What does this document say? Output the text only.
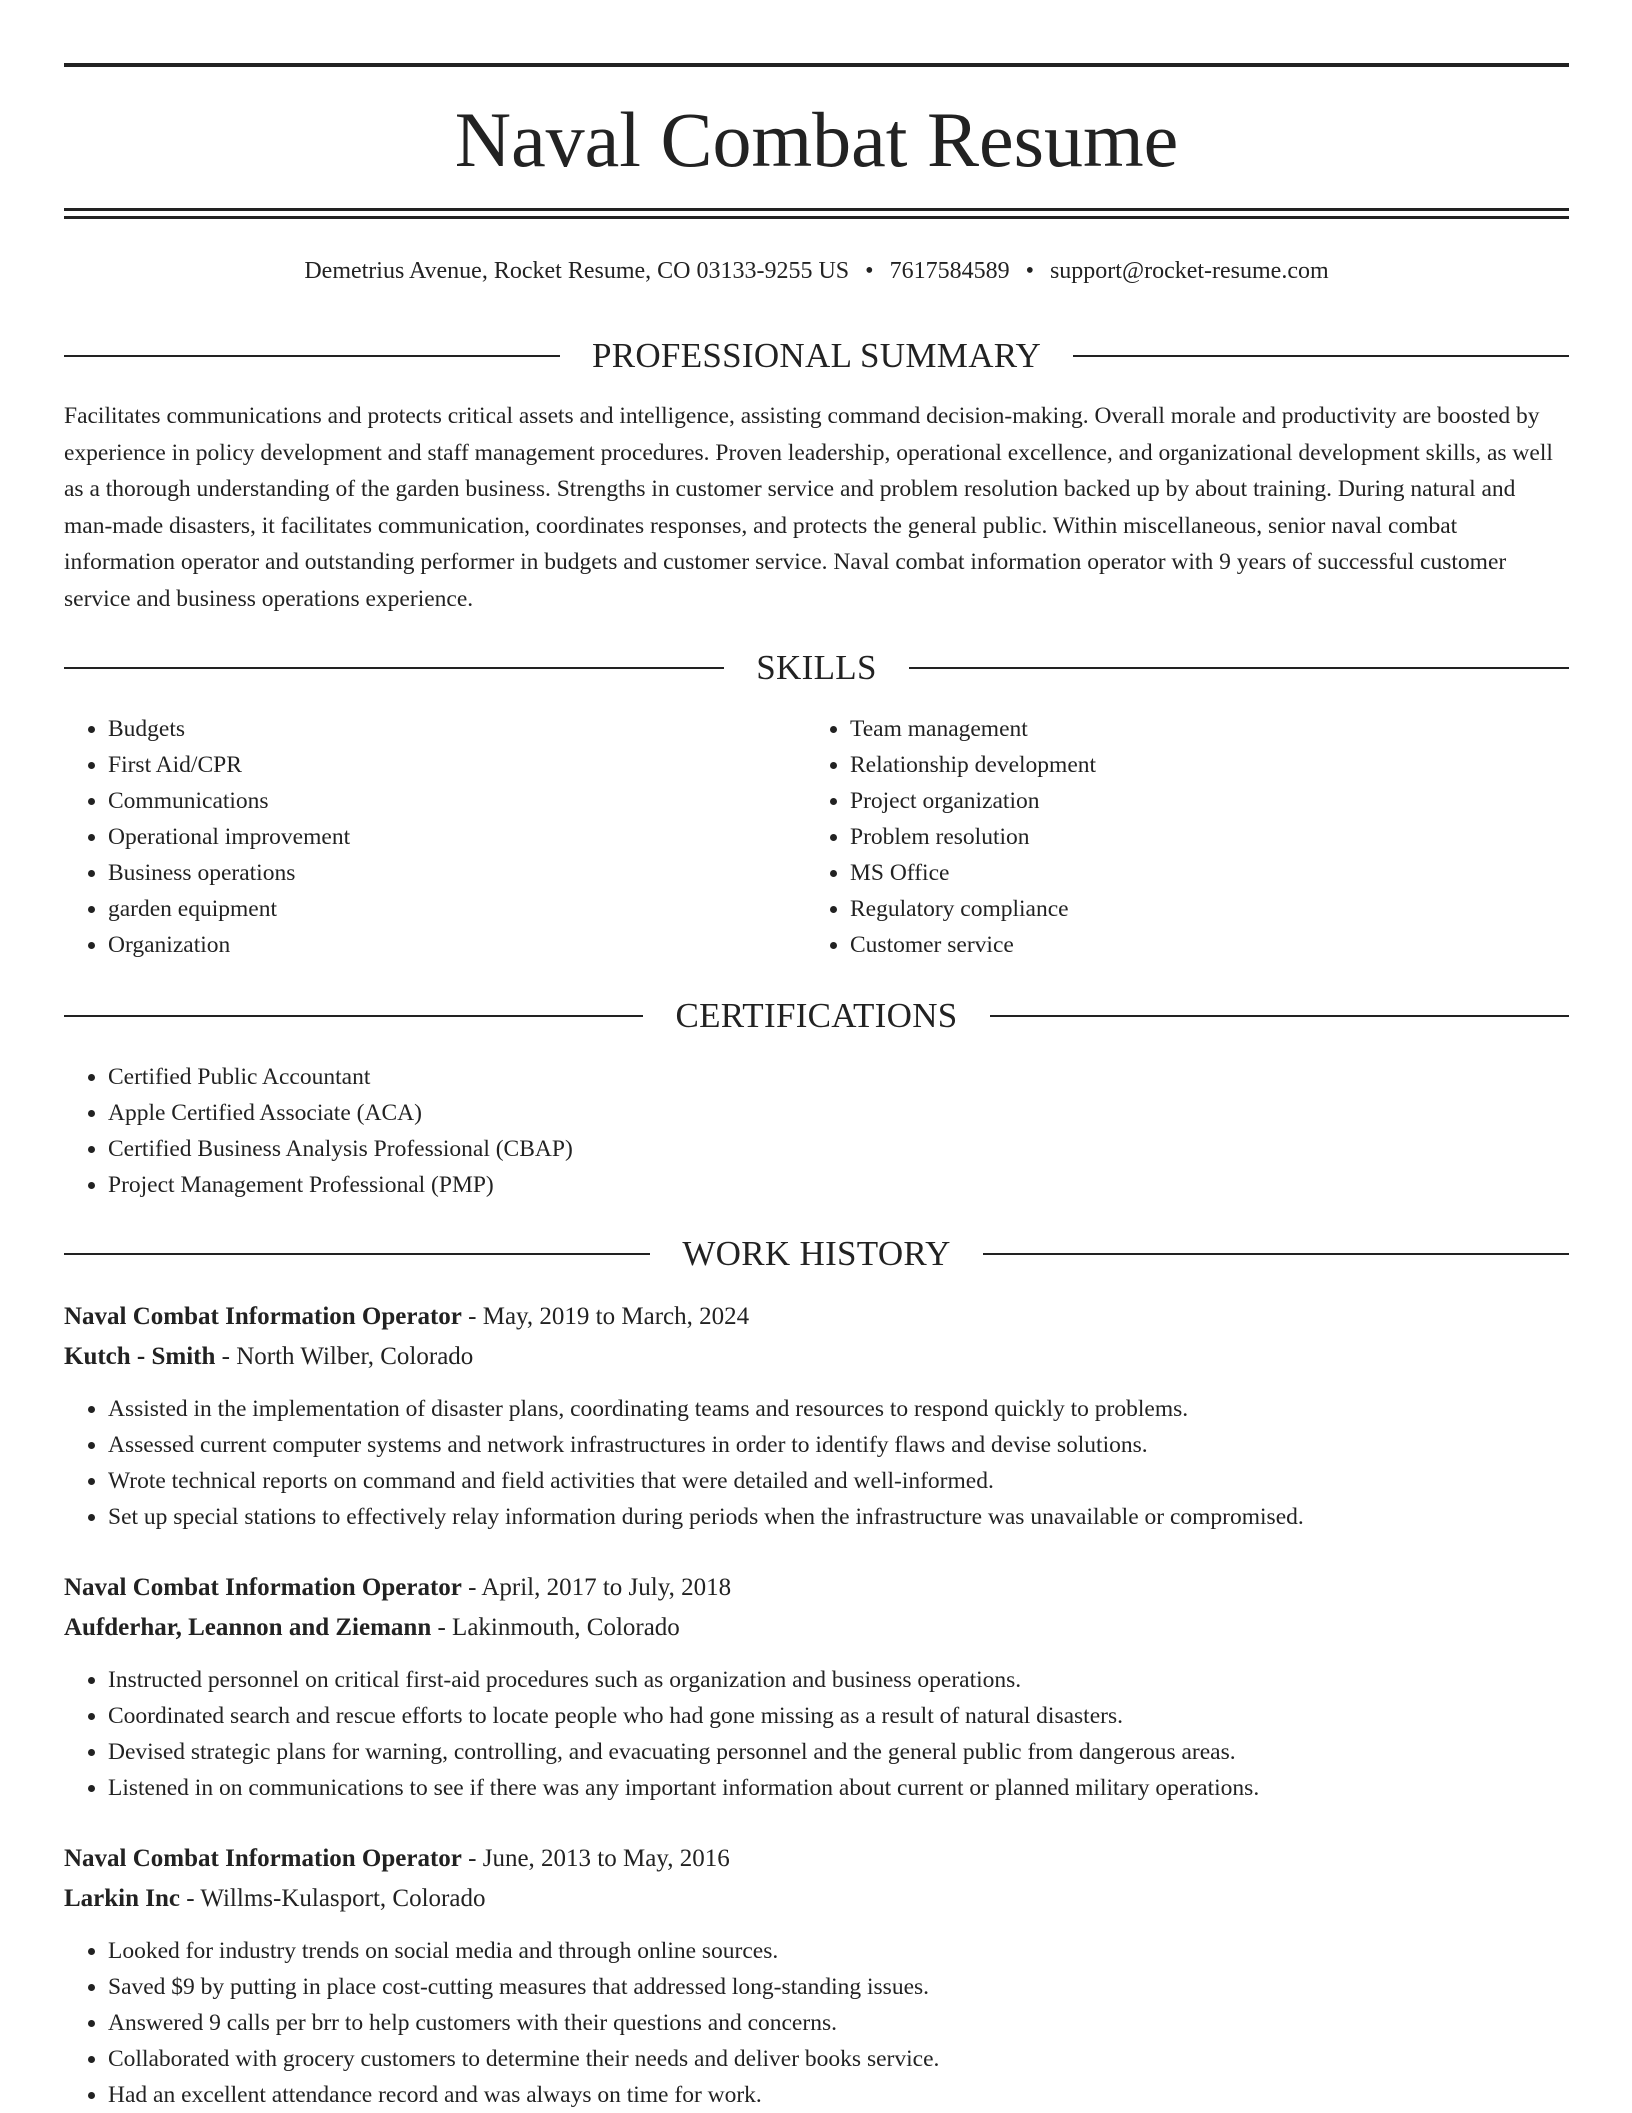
Naval Combat Resume
Demetrius Avenue, Rocket Resume, CO 03133-9255 US • 7617584589 • support@rocket-resume.com
PROFESSIONAL SUMMARY

Facilitates communications and protects critical assets and intelligence, assisting command decision-making. Overall morale and productivity are boosted by experience in policy development and staff management procedures. Proven leadership, operational excellence, and organizational development skills, as well as a thorough understanding of the garden business. Strengths in customer service and problem resolution backed up by about training. During natural and man-made disasters, it facilitates communication, coordinates responses, and protects the general public. Within miscellaneous, senior naval combat information operator and outstanding performer in budgets and customer service. Naval combat information operator with 9 years of successful customer service and business operations experience.

SKILLS
• Budgets
• First Aid/CPR
• Communications
• Operational improvement
• Business operations
• garden equipment
• Organization
• Team management
• Relationship development
• Project organization
• Problem resolution
• MS Office
• Regulatory compliance
• Customer service
CERTIFICATIONS
• Certified Public Accountant
• Apple Certified Associate (ACA)
• Certified Business Analysis Professional (CBAP)
• Project Management Professional (PMP)
WORK HISTORY

Naval Combat Information Operator - May, 2019 to March, 2024

Kutch - Smith - North Wilber, Colorado

• Assisted in the implementation of disaster plans, coordinating teams and resources to respond quickly to problems.
• Assessed current computer systems and network infrastructures in order to identify flaws and devise solutions.
• Wrote technical reports on command and field activities that were detailed and well-informed.
• Set up special stations to effectively relay information during periods when the infrastructure was unavailable or compromised.

Naval Combat Information Operator - April, 2017 to July, 2018

Aufderhar, Leannon and Ziemann - Lakinmouth, Colorado

• Instructed personnel on critical first-aid procedures such as organization and business operations.
• Coordinated search and rescue efforts to locate people who had gone missing as a result of natural disasters.
• Devised strategic plans for warning, controlling, and evacuating personnel and the general public from dangerous areas.
• Listened in on communications to see if there was any important information about current or planned military operations.

Naval Combat Information Operator - June, 2013 to May, 2016

Larkin Inc - Willms-Kulasport, Colorado

• Looked for industry trends on social media and through online sources.
• Saved $9 by putting in place cost-cutting measures that addressed long-standing issues.
• Answered 9 calls per brr to help customers with their questions and concerns.
• Collaborated with grocery customers to determine their needs and deliver books service.
• Had an excellent attendance record and was always on time for work.
